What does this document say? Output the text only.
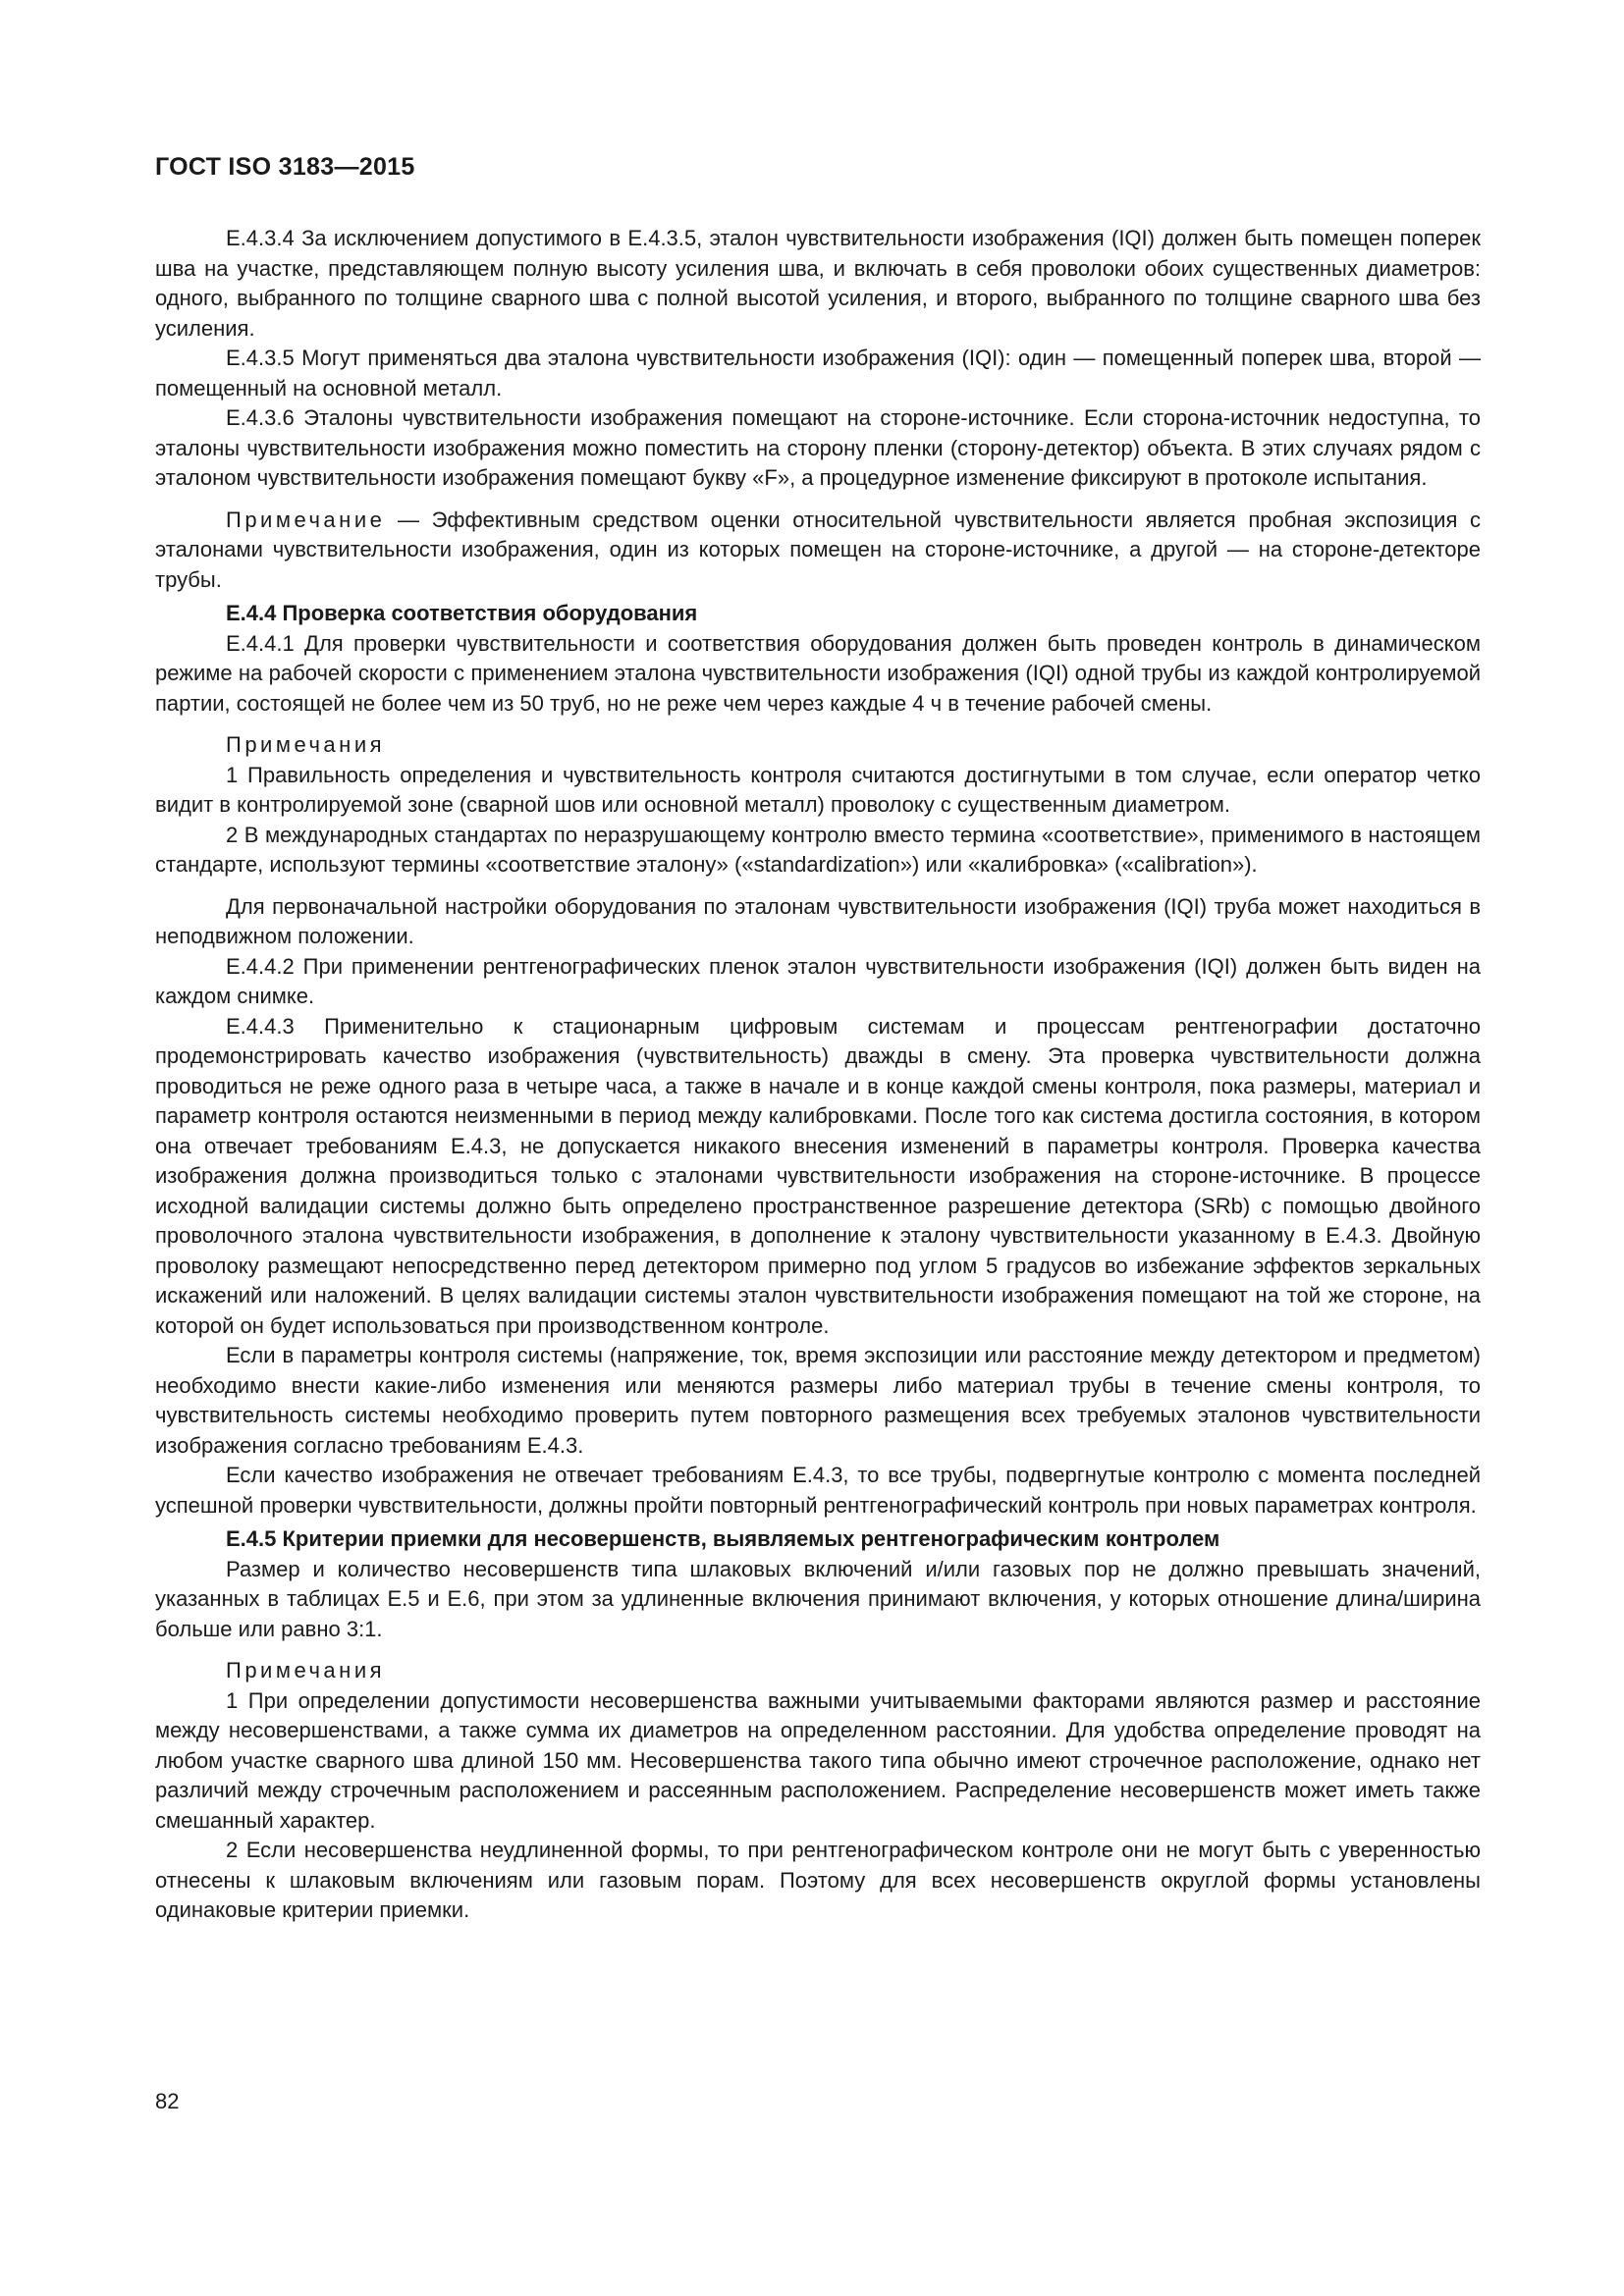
ГОСТ ISO 3183—2015

Е.4.3.4 За исключением допустимого в Е.4.3.5, эталон чувствительности изображения (IQI) должен быть помещен поперек шва на участке, представляющем полную высоту усиления шва, и включать в себя проволоки обоих существенных диаметров: одного, выбранного по толщине сварного шва с полной высотой усиления, и второго, выбранного по толщине сварного шва без усиления.

Е.4.3.5 Могут применяться два эталона чувствительности изображения (IQI): один — помещенный поперек шва, второй — помещенный на основной металл.

Е.4.3.6 Эталоны чувствительности изображения помещают на стороне-источнике. Если сторона-источник недоступна, то эталоны чувствительности изображения можно поместить на сторону пленки (сторону-детектор) объекта. В этих случаях рядом с эталоном чувствительности изображения помещают букву «F», а процедурное изменение фиксируют в протоколе испытания.

Примечание — Эффективным средством оценки относительной чувствительности является пробная экспозиция с эталонами чувствительности изображения, один из которых помещен на стороне-источнике, а другой — на стороне-детекторе трубы.

Е.4.4 Проверка соответствия оборудования

Е.4.4.1 Для проверки чувствительности и соответствия оборудования должен быть проведен контроль в динамическом режиме на рабочей скорости с применением эталона чувствительности изображения (IQI) одной трубы из каждой контролируемой партии, состоящей не более чем из 50 труб, но не реже чем через каждые 4 ч в течение рабочей смены.

Примечания

1 Правильность определения и чувствительность контроля считаются достигнутыми в том случае, если оператор четко видит в контролируемой зоне (сварной шов или основной металл) проволоку с существенным диаметром.

2 В международных стандартах по неразрушающему контролю вместо термина «соответствие», применимого в настоящем стандарте, используют термины «соответствие эталону» («standardization») или «калибровка» («calibration»).

Для первоначальной настройки оборудования по эталонам чувствительности изображения (IQI) труба может находиться в неподвижном положении.

Е.4.4.2 При применении рентгенографических пленок эталон чувствительности изображения (IQI) должен быть виден на каждом снимке.

Е.4.4.3 Применительно к стационарным цифровым системам и процессам рентгенографии достаточно продемонстрировать качество изображения (чувствительность) дважды в смену. Эта проверка чувствительности должна проводиться не реже одного раза в четыре часа, а также в начале и в конце каждой смены контроля, пока размеры, материал и параметр контроля остаются неизменными в период между калибровками. После того как система достигла состояния, в котором она отвечает требованиям Е.4.3, не допускается никакого внесения изменений в параметры контроля. Проверка качества изображения должна производиться только с эталонами чувствительности изображения на стороне-источнике. В процессе исходной валидации системы должно быть определено пространственное разрешение детектора (SRb) с помощью двойного проволочного эталона чувствительности изображения, в дополнение к эталону чувствительности указанному в Е.4.3. Двойную проволоку размещают непосредственно перед детектором примерно под углом 5 градусов во избежание эффектов зеркальных искажений или наложений. В целях валидации системы эталон чувствительности изображения помещают на той же стороне, на которой он будет использоваться при производственном контроле.

Если в параметры контроля системы (напряжение, ток, время экспозиции или расстояние между детектором и предметом) необходимо внести какие-либо изменения или меняются размеры либо материал трубы в течение смены контроля, то чувствительность системы необходимо проверить путем повторного размещения всех требуемых эталонов чувствительности изображения согласно требованиям Е.4.3.

Если качество изображения не отвечает требованиям Е.4.3, то все трубы, подвергнутые контролю с момента последней успешной проверки чувствительности, должны пройти повторный рентгенографический контроль при новых параметрах контроля.

Е.4.5 Критерии приемки для несовершенств, выявляемых рентгенографическим контролем

Размер и количество несовершенств типа шлаковых включений и/или газовых пор не должно превышать значений, указанных в таблицах Е.5 и Е.6, при этом за удлиненные включения принимают включения, у которых отношение длина/ширина больше или равно 3:1.

Примечания

1 При определении допустимости несовершенства важными учитываемыми факторами являются размер и расстояние между несовершенствами, а также сумма их диаметров на определенном расстоянии. Для удобства определение проводят на любом участке сварного шва длиной 150 мм. Несовершенства такого типа обычно имеют строчечное расположение, однако нет различий между строчечным расположением и рассеянным расположением. Распределение несовершенств может иметь также смешанный характер.

2 Если несовершенства неудлиненной формы, то при рентгенографическом контроле они не могут быть с уверенностью отнесены к шлаковым включениям или газовым порам. Поэтому для всех несовершенств округлой формы установлены одинаковые критерии приемки.

82
